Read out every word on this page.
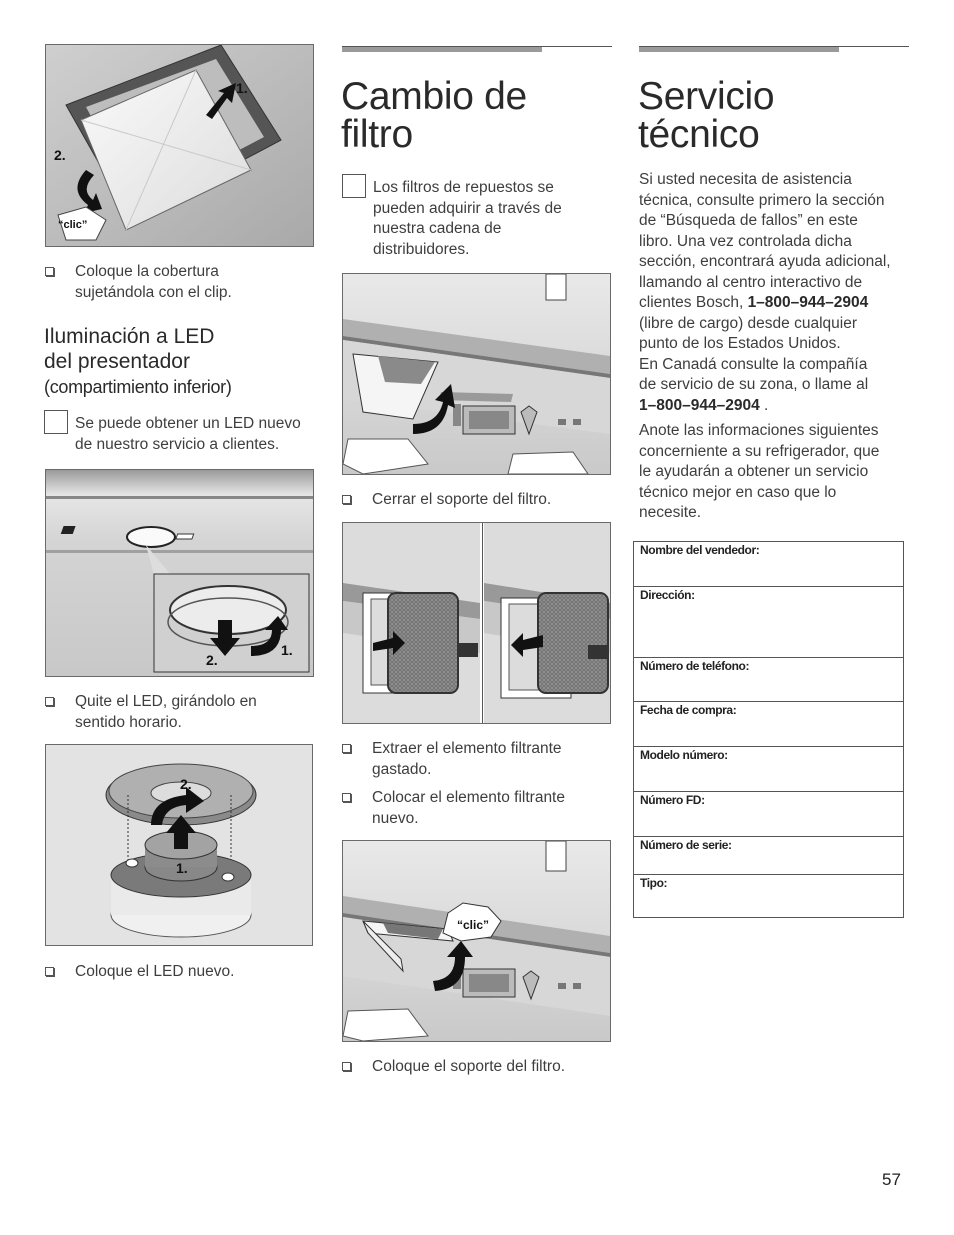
1.
2.
“clic”
Coloque la cobertura
sujetándola con el clip.
Iluminación a LED
del presentador
(compartimiento inferior)
Se puede obtener un LED nuevo
de nuestro servicio a clientes.
2.
1.
Quite el LED, girándolo en
sentido horario.
1.
2.
Coloque el LED nuevo.
Cambio de
filtro
Los filtros de repuestos se
pueden adquirir a través de
nuestra cadena de
distribuidores.
Cerrar el soporte del filtro.
Extraer el elemento filtrante
gastado.
Colocar el elemento filtrante
nuevo.
“clic”
Coloque el soporte del filtro.
Servicio
técnico
Si usted necesita de asistencia
técnica, consulte primero la sección
de “Búsqueda de fallos” en este
libro. Una vez controlada dicha
sección, encontrará ayuda adicional,
llamando al centro interactivo de
clientes Bosch, 1–800–944–2904
(libre de cargo) desde cualquier
punto de los Estados Unidos.
En Canadá consulte la compañía
de servicio de su zona, o llame al
1–800–944–2904 .
Anote las informaciones siguientes
concerniente a su refrigerador, que
le ayudarán a obtener un servicio
técnico mejor en caso que lo
necesite.
Nombre del vendedor:
Dirección:
Número de teléfono:
Fecha de compra:
Modelo número:
Número FD:
Número de serie:
Tipo:
57
